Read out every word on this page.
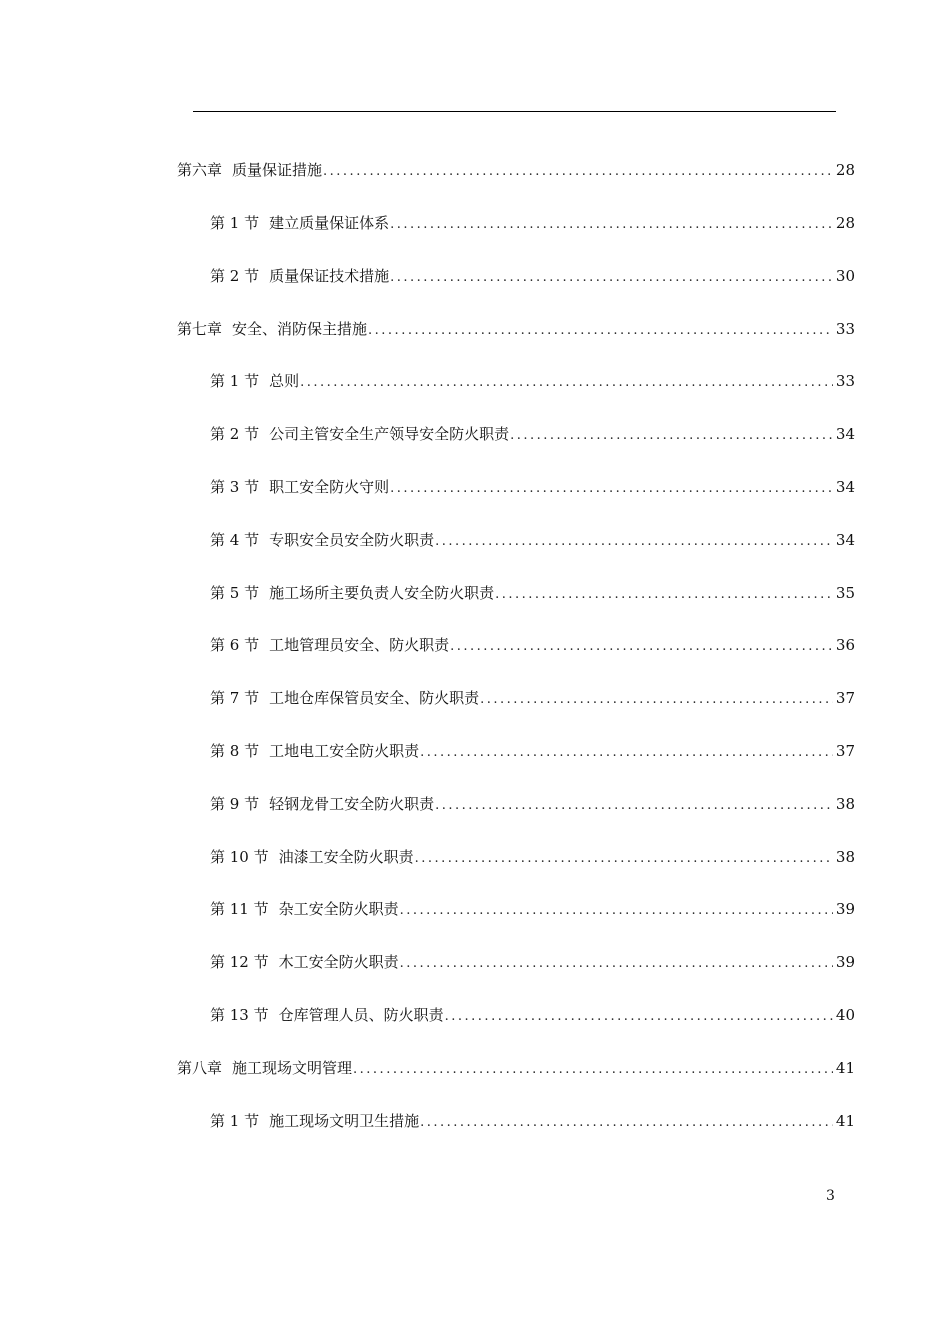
第六章 质量保证措施 .....	28
第 1 节 建立质量保证体系 .....	28
第 2 节 质量保证技术措施 .....	30
第七章 安全、消防保主措施 .....	33
第 1 节 总则 .....	33
第 2 节 公司主管安全生产领导安全防火职责 .....	34
第 3 节 职工安全防火守则 .....	34
第 4 节 专职安全员安全防火职责 .....	34
第 5 节 施工场所主要负责人安全防火职责 .....	35
第 6 节 工地管理员安全、防火职责 .....	36
第 7 节 工地仓库保管员安全、防火职责 .....	37
第 8 节 工地电工安全防火职责 .....	37
第 9 节 轻钢龙骨工安全防火职责 .....	38
第 10 节 油漆工安全防火职责 .....	38
第 11 节 杂工安全防火职责 .....	39
第 12 节 木工安全防火职责 .....	39
第 13 节 仓库管理人员、防火职责 .....	40
第八章 施工现场文明管理 .....	41
第 1 节 施工现场文明卫生措施 .....	41
3
